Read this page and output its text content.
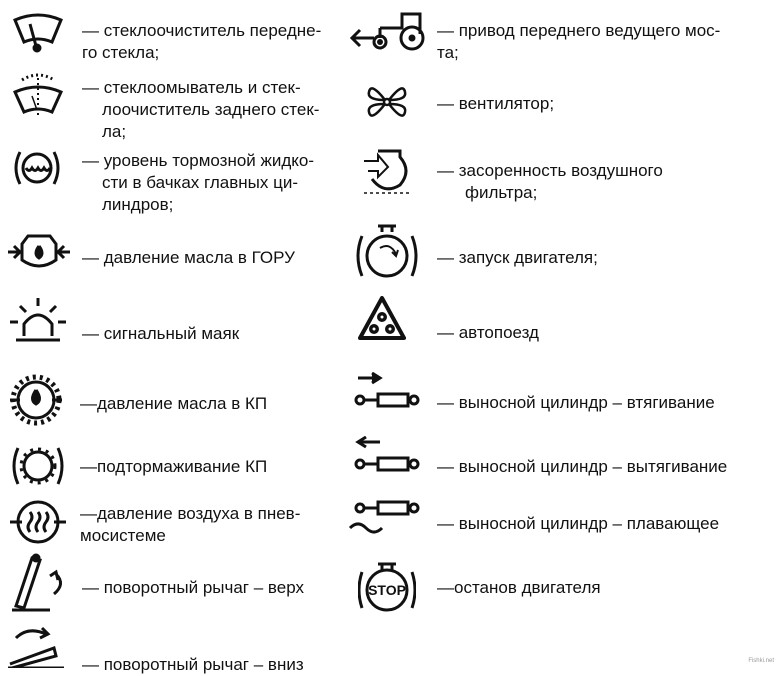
— стеклоочиститель передне-
го стекла;
— стеклоомыватель и стек-
лоочиститель заднего стек-
ла;
— уровень тормозной жидко-
сти в бачках главных ци-
линдров;
— давление масла в ГОРУ
— сигнальный маяк
—давление масла в КП
—подтормаживание КП
—давление воздуха в пнев-
мосистеме
— поворотный рычаг – верх
— поворотный рычаг – вниз
— привод переднего ведущего мос-
та;
— вентилятор;
— засоренность воздушного
фильтра;
— запуск двигателя;
— автопоезд
— выносной цилиндр – втягивание
— выносной цилиндр – вытягивание
— выносной цилиндр – плавающее
—останов двигателя
STOP
Fishki.net
